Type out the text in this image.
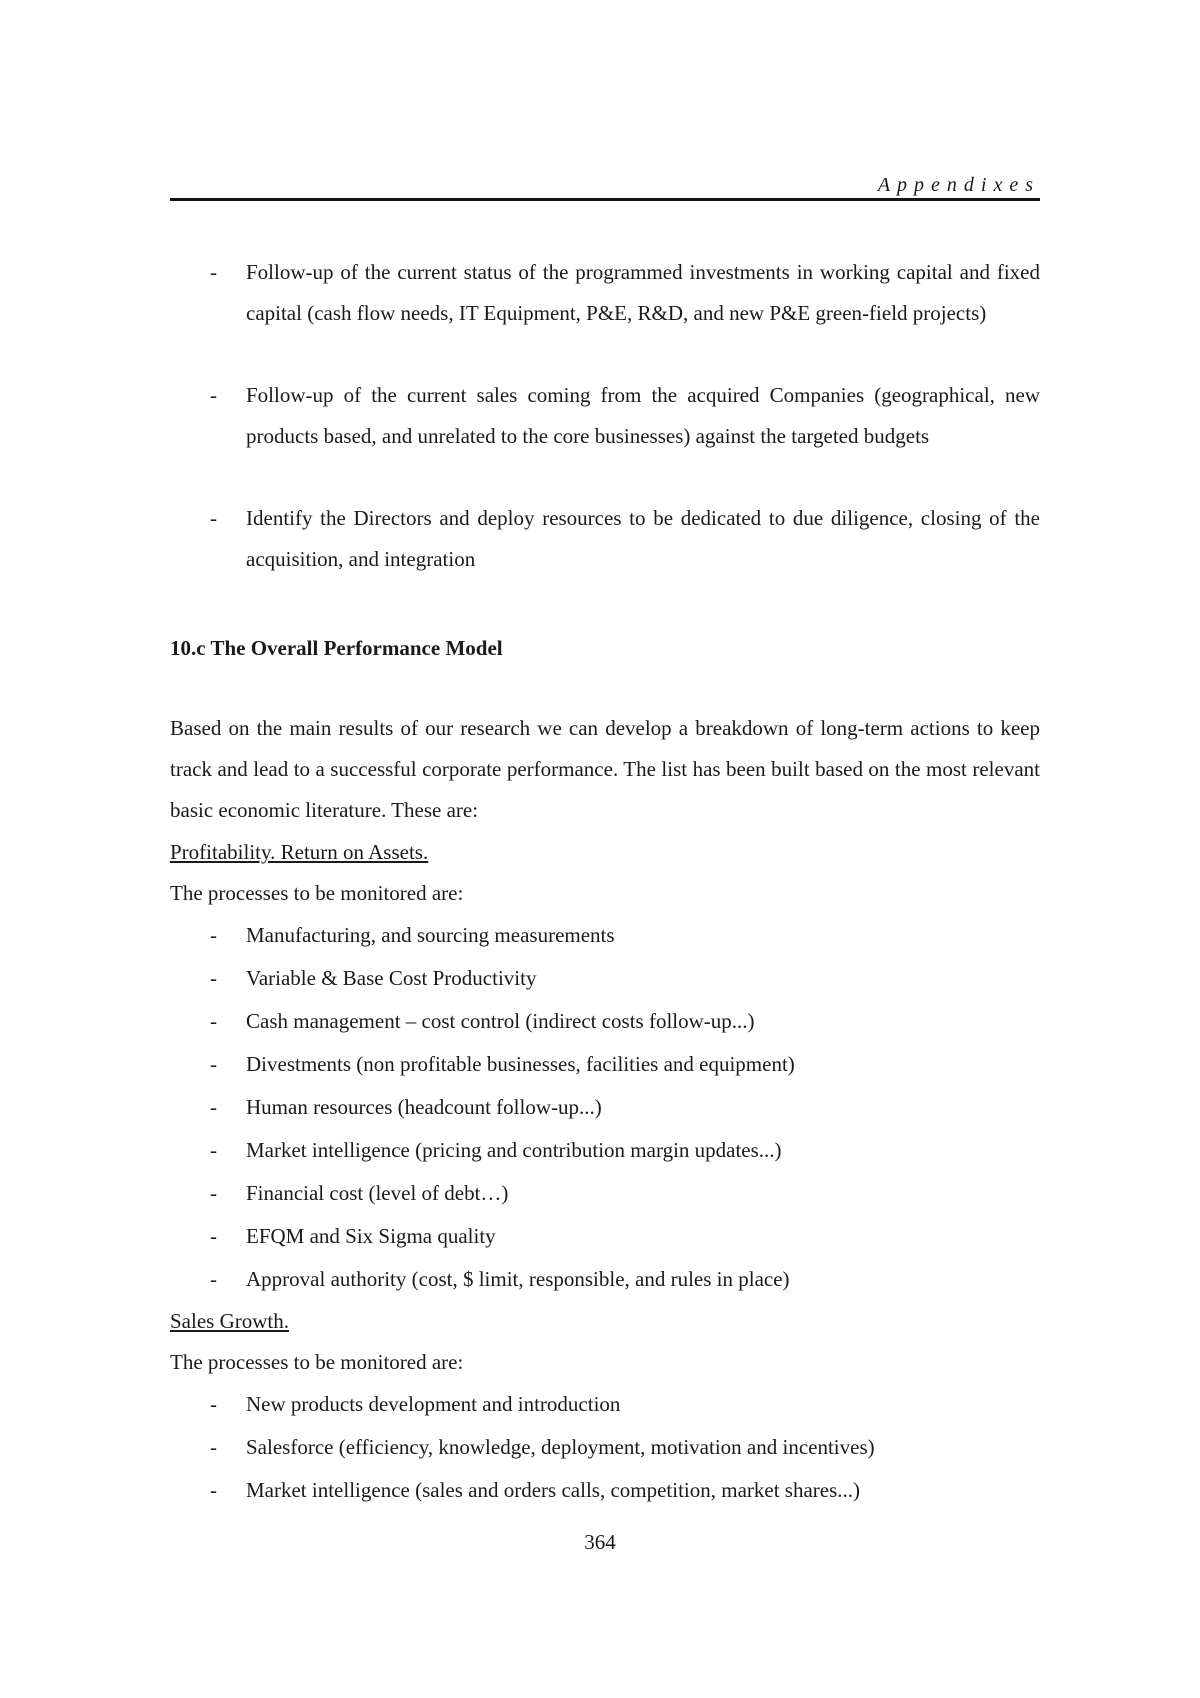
Appendixes
- Follow-up of the current status of the programmed investments in working capital and fixed capital (cash flow needs, IT Equipment, P&E, R&D, and new P&E green-field projects)
- Follow-up of the current sales coming from the acquired Companies (geographical, new products based, and unrelated to the core businesses) against the targeted budgets
- Identify the Directors and deploy resources to be dedicated to due diligence, closing of the acquisition, and integration
10.c The Overall Performance Model
Based on the main results of our research we can develop a breakdown of long-term actions to keep track and lead to a successful corporate performance. The list has been built based on the most relevant basic economic literature. These are:
Profitability. Return on Assets.
The processes to be monitored are:
- Manufacturing, and sourcing measurements
- Variable & Base Cost Productivity
- Cash management – cost control (indirect costs follow-up...)
- Divestments (non profitable businesses, facilities and equipment)
- Human resources (headcount follow-up...)
- Market intelligence (pricing and contribution margin updates...)
- Financial cost (level of debt…)
- EFQM and Six Sigma quality
- Approval authority (cost, $ limit, responsible, and rules in place)
Sales Growth.
The processes to be monitored are:
- New products development and introduction
- Salesforce (efficiency, knowledge, deployment, motivation and incentives)
- Market intelligence (sales and orders calls, competition, market shares...)
364
